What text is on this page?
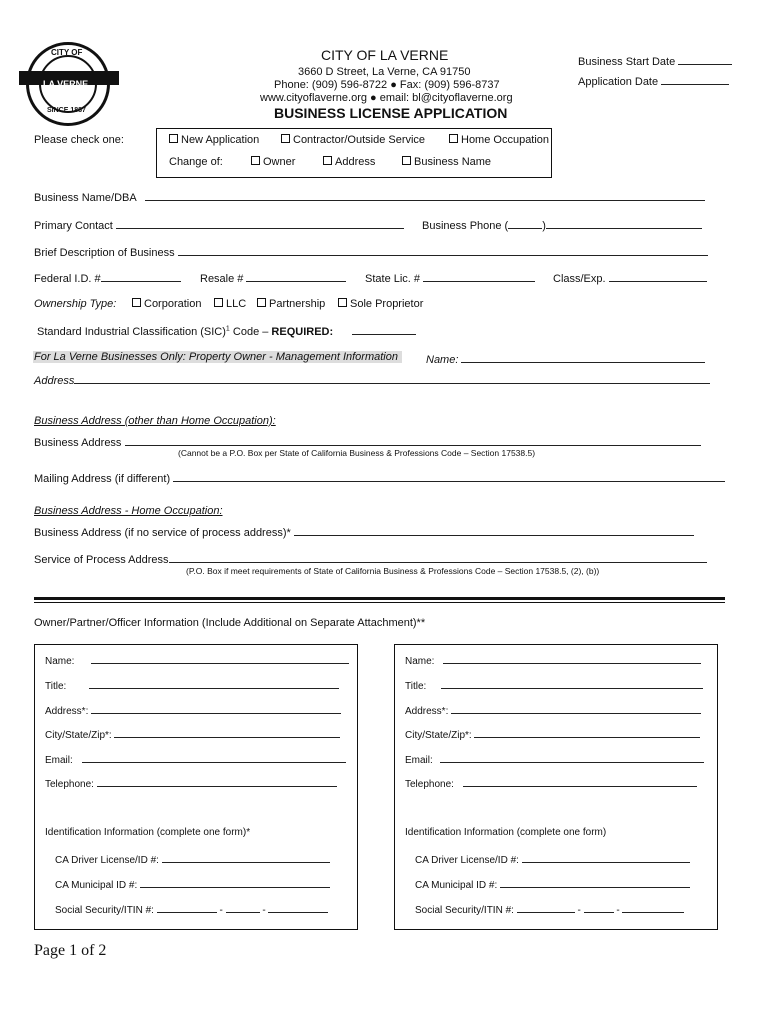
CITY OF
LA VERNE
SINCE 1887
CITY OF LA VERNE
3660 D Street, La Verne, CA 91750
Phone: (909) 596-8722 ● Fax: (909) 596-8737
www.cityoflaverne.org ● email: bl@cityoflaverne.org
BUSINESS LICENSE APPLICATION
Business Start Date
Application Date
Please check one:	New Application	Contractor/Outside Service	Home Occupation
Change of:	Owner	Address	Business Name
Business Name/DBA
Primary Contact	Business Phone (	)
Brief Description of Business
Federal I.D. #	Resale #	State Lic. #	Class/Exp.
Ownership Type:	Corporation	LLC	Partnership	Sole Proprietor
Standard Industrial Classification (SIC)$^1$ Code – REQUIRED:
For La Verne Businesses Only: Property Owner - Management Information	Name:
Address
Business Address (other than Home Occupation):
Business Address
(Cannot be a P.O. Box per State of California Business & Professions Code – Section 17538.5)
Mailing Address (if different)
Business Address - Home Occupation:
Business Address (if no service of process address)*
Service of Process Address
(P.O. Box if meet requirements of State of California Business & Professions Code – Section 17538.5, (2), (b))
Owner/Partner/Officer Information (Include Additional on Separate Attachment)**
Name:
Title:
Address*:
City/State/Zip*:
Email:
Telephone:
Identification Information (complete one form)*
CA Driver License/ID #:
CA Municipal ID #:
Social Security/ITIN #:	-	-
Name:
Title:
Address*:
City/State/Zip*:
Email:
Telephone:
Identification Information (complete one form)
CA Driver License/ID #:
CA Municipal ID #:
Social Security/ITIN #:	-	-
Page 1 of 2
